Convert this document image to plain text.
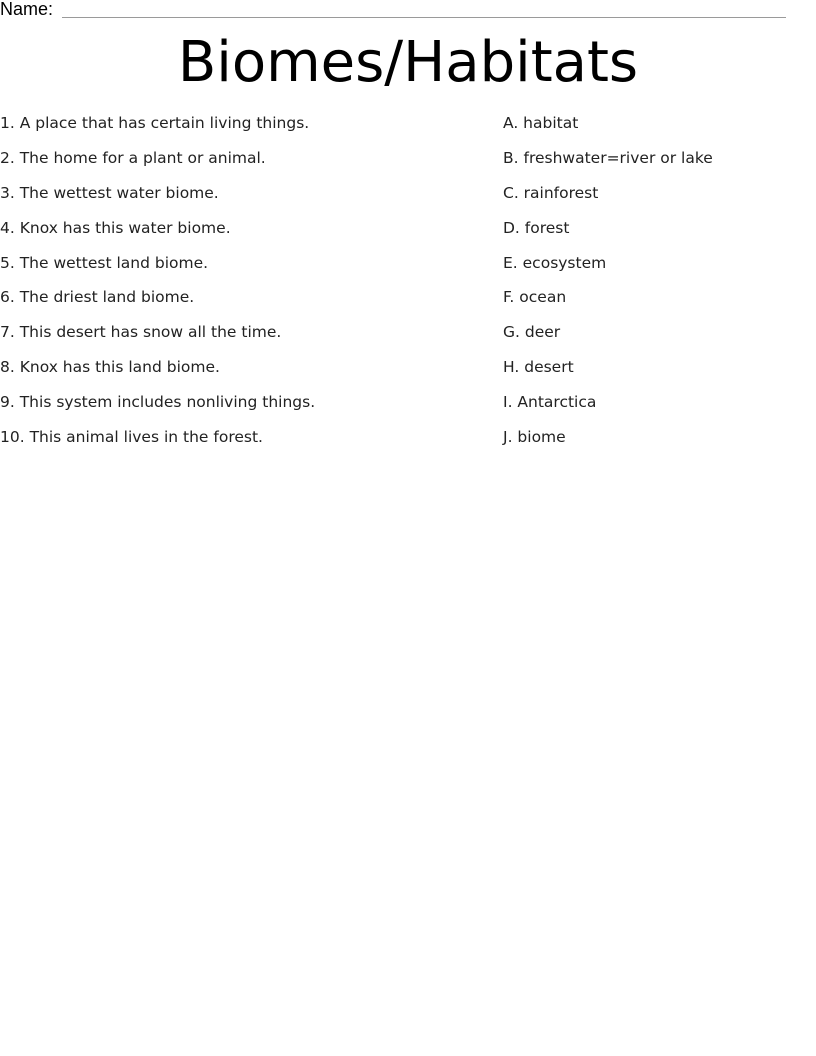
Name:
Biomes/Habitats
1. A place that has certain living things.
2. The home for a plant or animal.
3. The wettest water biome.
4. Knox has this water biome.
5. The wettest land biome.
6. The driest land biome.
7. This desert has snow all the time.
8. Knox has this land biome.
9. This system includes nonliving things.
10. This animal lives in the forest.
A. habitat
B. freshwater=river or lake
C. rainforest
D. forest
E. ecosystem
F. ocean
G. deer
H. desert
I. Antarctica
J. biome
